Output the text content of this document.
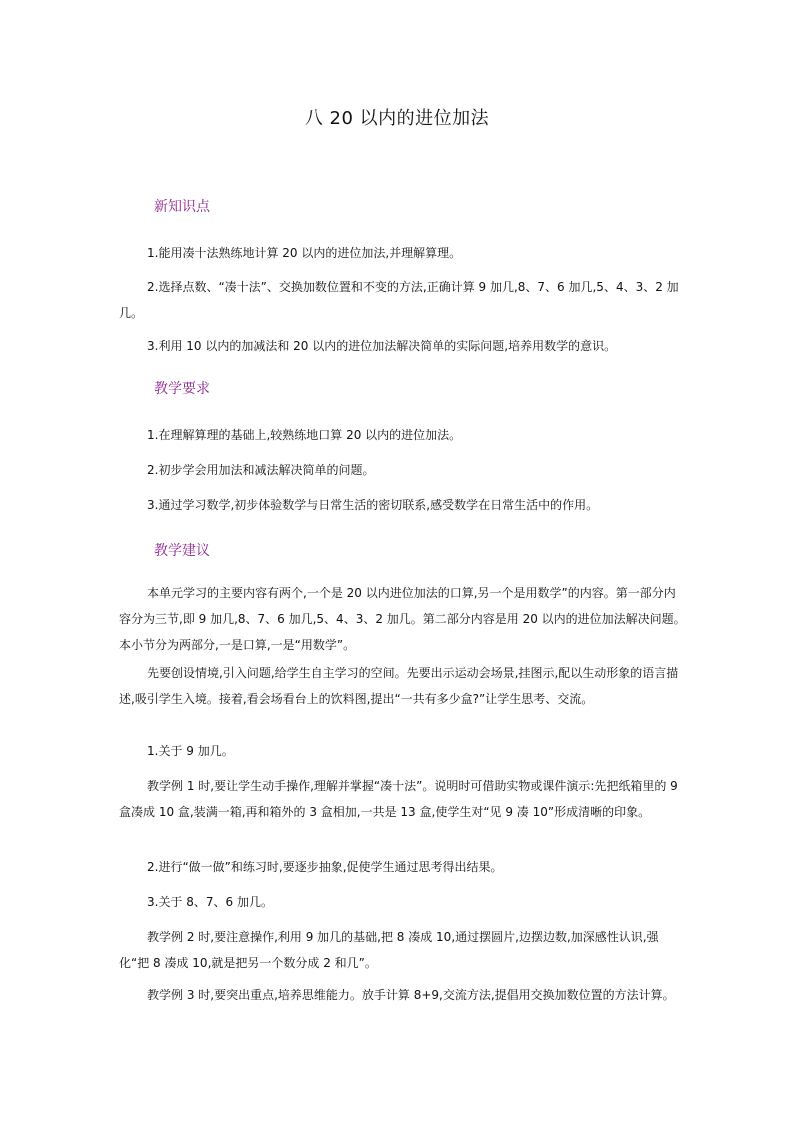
八 20 以内的进位加法
新知识点
1.能用凑十法熟练地计算 20 以内的进位加法,并理解算理。
2.选择点数、“凑十法”、交换加数位置和不变的方法,正确计算 9 加几,8、7、6 加几,5、4、3、2 加几。
3.利用 10 以内的加减法和 20 以内的进位加法解决简单的实际问题,培养用数学的意识。
教学要求
1.在理解算理的基础上,较熟练地口算 20 以内的进位加法。
2.初步学会用加法和减法解决简单的问题。
3.通过学习数学,初步体验数学与日常生活的密切联系,感受数学在日常生活中的作用。
教学建议
本单元学习的主要内容有两个,一个是 20 以内进位加法的口算,另一个是用数学”的内容。第一部分内容分为三节,即 9 加几,8、7、6 加几,5、4、3、2 加几。第二部分内容是用 20 以内的进位加法解决问题。本小节分为两部分,一是口算,一是“用数学”。
先要创设情境,引入问题,给学生自主学习的空间。先要出示运动会场景,挂图示,配以生动形象的语言描述,吸引学生入境。接着,看会场看台上的饮料图,提出“一共有多少盒?”让学生思考、交流。
1.关于 9 加几。
教学例 1 时,要让学生动手操作,理解并掌握“凑十法”。说明时可借助实物或课件演示:先把纸箱里的 9 盒凑成 10 盒,装满一箱,再和箱外的 3 盒相加,一共是 13 盒,使学生对“见 9 凑 10”形成清晰的印象。
2.进行“做一做”和练习时,要逐步抽象,促使学生通过思考得出结果。
3.关于 8、7、6 加几。
教学例 2 时,要注意操作,利用 9 加几的基础,把 8 凑成 10,通过摆圆片,边摆边数,加深感性认识,强化“把 8 凑成 10,就是把另一个数分成 2 和几”。
教学例 3 时,要突出重点,培养思维能力。放手计算 8+9,交流方法,提倡用交换加数位置的方法计算。
